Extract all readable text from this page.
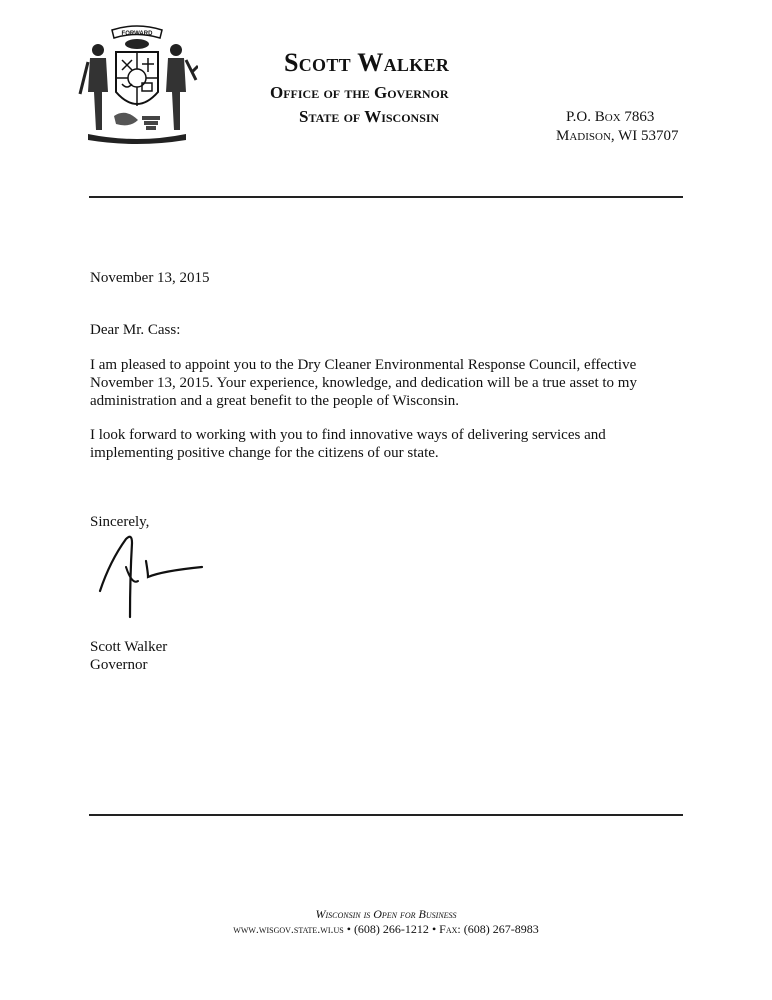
FORWARD
Scott Walker
Office of the Governor
State of Wisconsin	P.O. Box 7863
Madison, WI 53707
November 13, 2015
Dear Mr. Cass:
I am pleased to appoint you to the Dry Cleaner Environmental Response Council, effective November 13, 2015. Your experience, knowledge, and dedication will be a true asset to my administration and a great benefit to the people of Wisconsin.
I look forward to working with you to find innovative ways of delivering services and implementing positive change for the citizens of our state.
Sincerely,
Scott Walker
Governor
Wisconsin is Open for Business
www.wisgov.state.wi.us • (608) 266-1212 • Fax: (608) 267-8983
